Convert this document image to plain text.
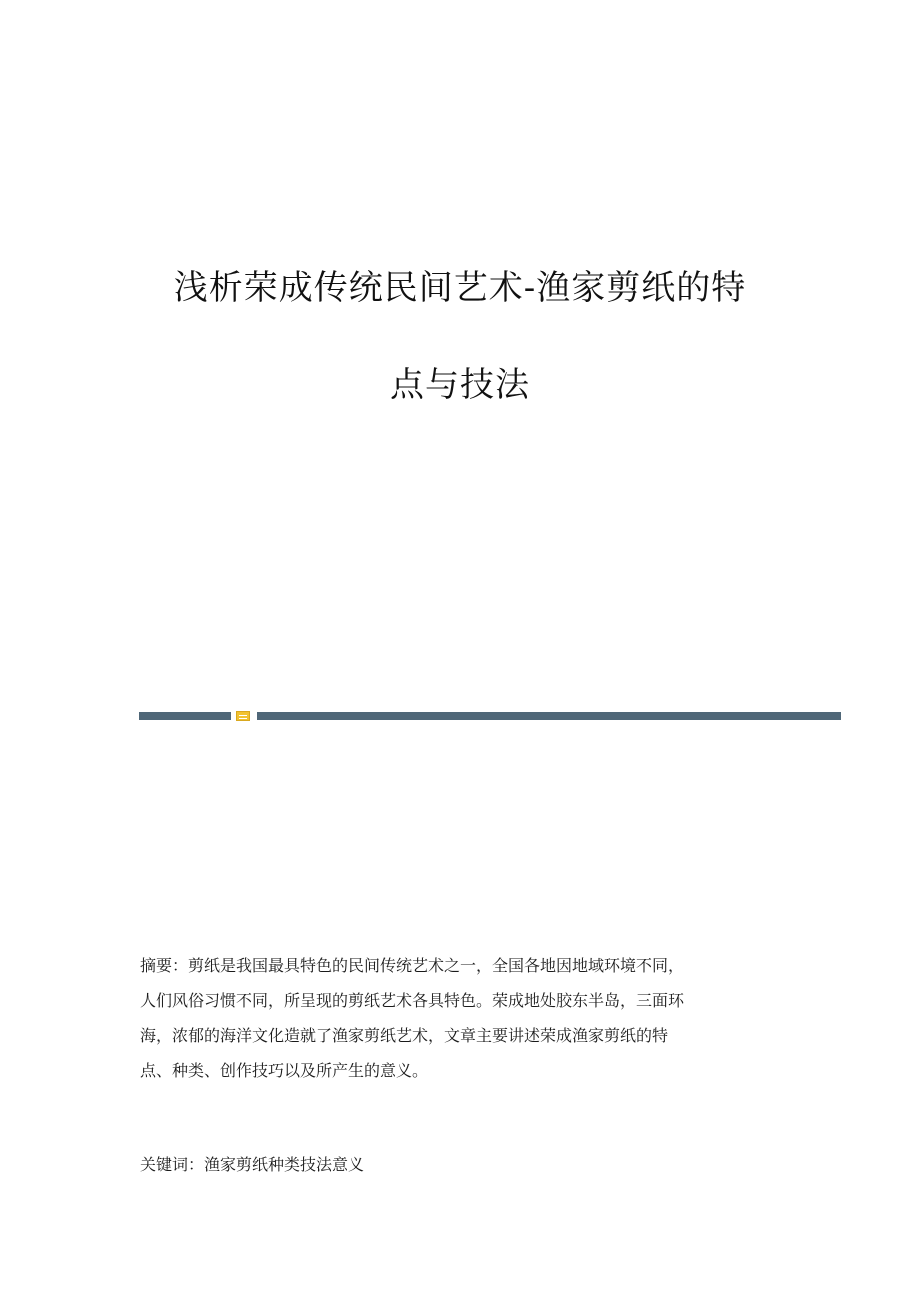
浅析荣成传统民间艺术-渔家剪纸的特
点与技法
摘要：剪纸是我国最具特色的民间传统艺术之一，全国各地因地域环境不同，
人们风俗习惯不同，所呈现的剪纸艺术各具特色。荣成地处胶东半岛，三面环
海，浓郁的海洋文化造就了渔家剪纸艺术，文章主要讲述荣成渔家剪纸的特
点、种类、创作技巧以及所产生的意义。
关键词：渔家剪纸种类技法意义
